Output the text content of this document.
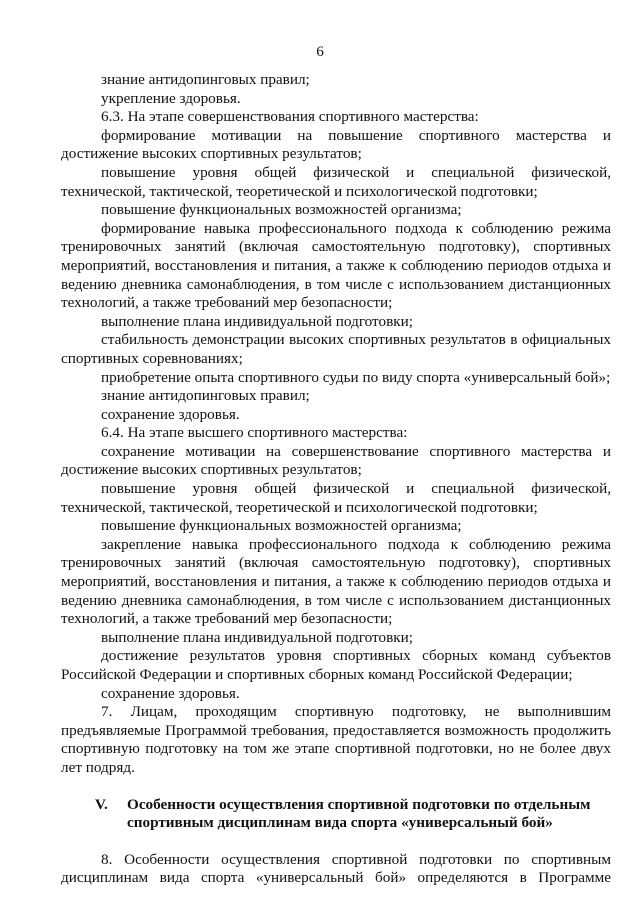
6

знание антидопинговых правил;

укрепление здоровья.

6.3. На этапе совершенствования спортивного мастерства:

формирование мотивации на повышение спортивного мастерства и достижение высоких спортивных результатов;

повышение уровня общей физической и специальной физической, технической, тактической, теоретической и психологической подготовки;

повышение функциональных возможностей организма;

формирование навыка профессионального подхода к соблюдению режима тренировочных занятий (включая самостоятельную подготовку), спортивных мероприятий, восстановления и питания, а также к соблюдению периодов отдыха и ведению дневника самонаблюдения, в том числе с использованием дистанционных технологий, а также требований мер безопасности;

выполнение плана индивидуальной подготовки;

стабильность демонстрации высоких спортивных результатов в официальных спортивных соревнованиях;

приобретение опыта спортивного судьи по виду спорта «универсальный бой»;

знание антидопинговых правил;

сохранение здоровья.

6.4. На этапе высшего спортивного мастерства:

сохранение мотивации на совершенствование спортивного мастерства и достижение высоких спортивных результатов;

повышение уровня общей физической и специальной физической, технической, тактической, теоретической и психологической подготовки;

повышение функциональных возможностей организма;

закрепление навыка профессионального подхода к соблюдению режима тренировочных занятий (включая самостоятельную подготовку), спортивных мероприятий, восстановления и питания, а также к соблюдению периодов отдыха и ведению дневника самонаблюдения, в том числе с использованием дистанционных технологий, а также требований мер безопасности;

выполнение плана индивидуальной подготовки;

достижение результатов уровня спортивных сборных команд субъектов Российской Федерации и спортивных сборных команд Российской Федерации;

сохранение здоровья.

7. Лицам, проходящим спортивную подготовку, не выполнившим предъявляемые Программой требования, предоставляется возможность продолжить спортивную подготовку на том же этапе спортивной подготовки, но не более двух лет подряд.

V.	Особенности осуществления спортивной подготовки по отдельным
спортивным дисциплинам вида спорта «универсальный бой»

8. Особенности осуществления спортивной подготовки по спортивным дисциплинам вида спорта «универсальный бой» определяются в Программе
